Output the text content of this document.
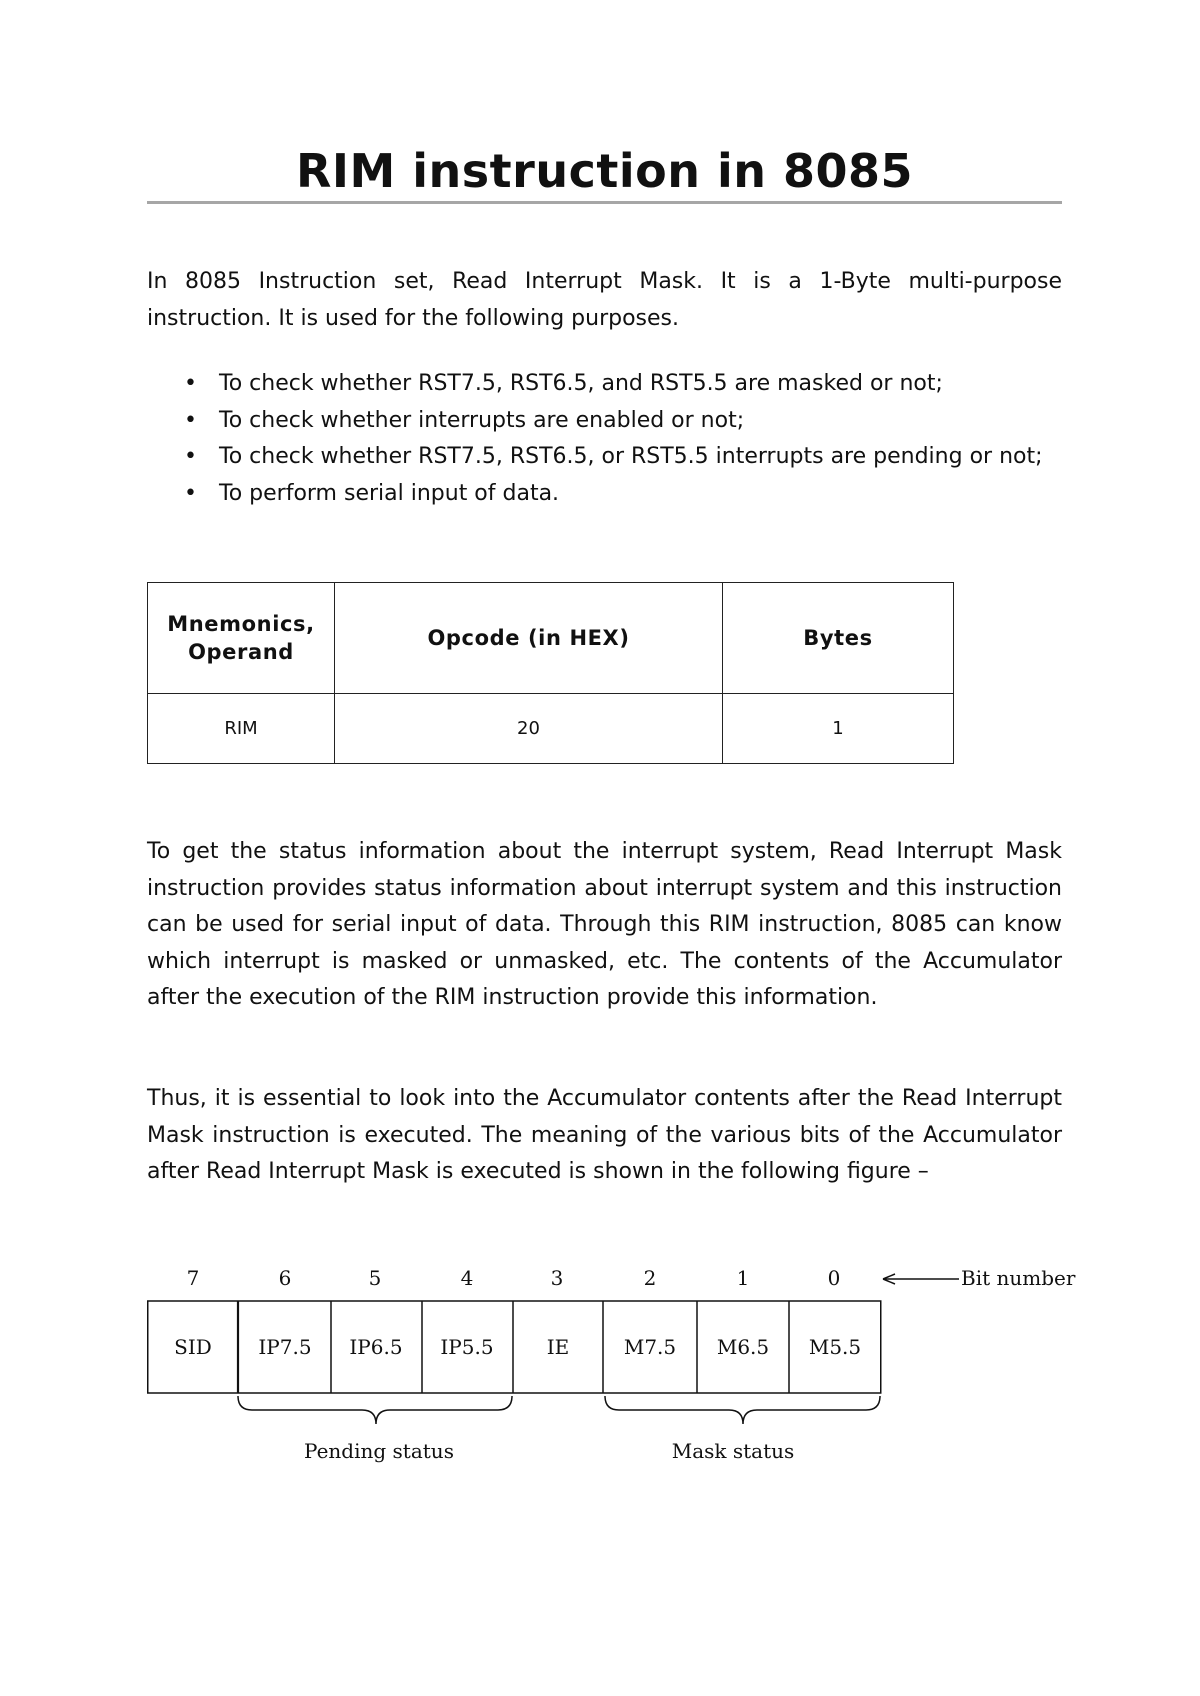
RIM instruction in 8085

In 8085 Instruction set, Read Interrupt Mask. It is a 1-Byte multi-purpose instruction. It is used for the following purposes.

• To check whether RST7.5, RST6.5, and RST5.5 are masked or not;
• To check whether interrupts are enabled or not;
• To check whether RST7.5, RST6.5, or RST5.5 interrupts are pending or not;
• To perform serial input of data.
Mnemonics, Operand	Opcode (in HEX)	Bytes
RIM	20	1

To get the status information about the interrupt system, Read Interrupt Mask instruction provides status information about interrupt system and this instruction can be used for serial input of data. Through this RIM instruction, 8085 can know which interrupt is masked or unmasked, etc. The contents of the Accumulator after the execution of the RIM instruction provide this information.

Thus, it is essential to look into the Accumulator contents after the Read Interrupt Mask instruction is executed. The meaning of the various bits of the Accumulator after Read Interrupt Mask is executed is shown in the following figure –

7	6	5	4	3	2	1	0	Bit number
SID IP7.5 IP6.5 IP5.5	IE	M7.5 M6.5 M5.5
Pending status	Mask status
